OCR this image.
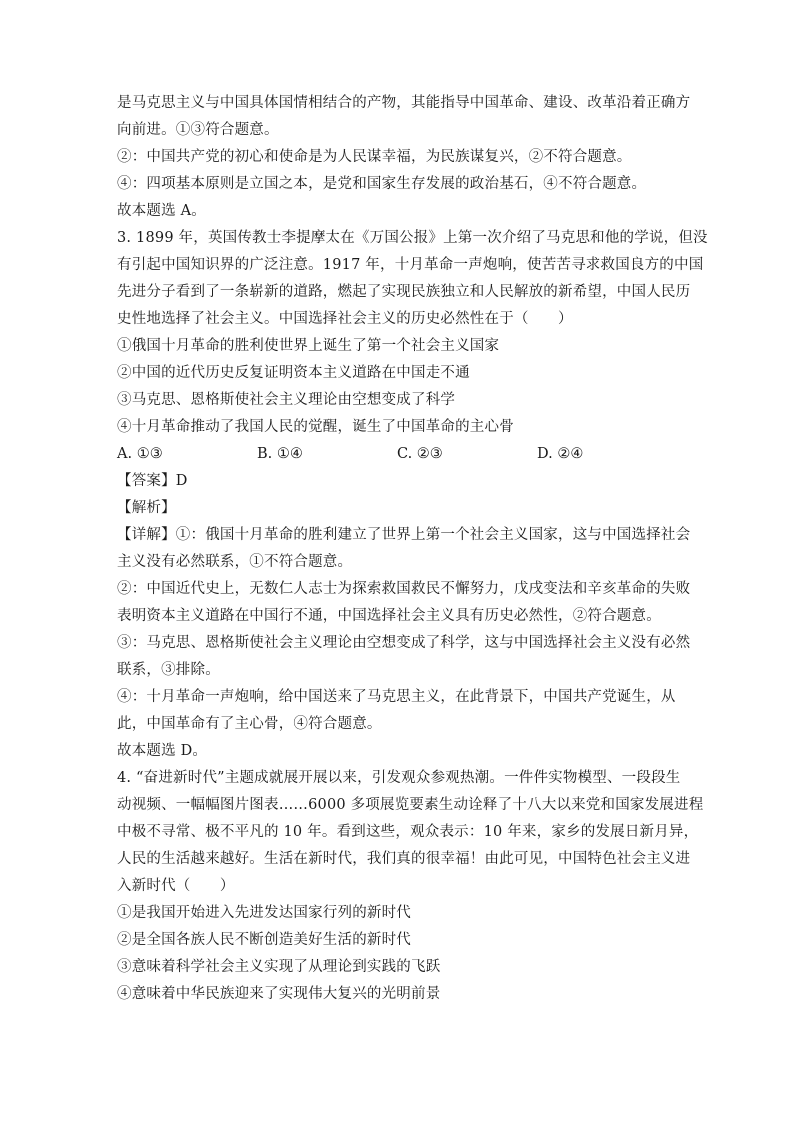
是马克思主义与中国具体国情相结合的产物，其能指导中国革命、建设、改革沿着正确方
向前进。①③符合题意。
②：中国共产党的初心和使命是为人民谋幸福，为民族谋复兴，②不符合题意。
④：四项基本原则是立国之本，是党和国家生存发展的政治基石，④不符合题意。
故本题选 A。
3. 1899 年，英国传教士李提摩太在《万国公报》上第一次介绍了马克思和他的学说，但没
有引起中国知识界的广泛注意。1917 年，十月革命一声炮响，使苦苦寻求救国良方的中国
先进分子看到了一条崭新的道路，燃起了实现民族独立和人民解放的新希望，中国人民历
史性地选择了社会主义。中国选择社会主义的历史必然性在于（　　）
①俄国十月革命的胜利使世界上诞生了第一个社会主义国家
②中国的近代历史反复证明资本主义道路在中国走不通
③马克思、恩格斯使社会主义理论由空想变成了科学
④十月革命推动了我国人民的觉醒，诞生了中国革命的主心骨
A. ①③	B. ①④	C. ②③	D. ②④
【答案】D
【解析】
【详解】①：俄国十月革命的胜利建立了世界上第一个社会主义国家，这与中国选择社会
主义没有必然联系，①不符合题意。
②：中国近代史上，无数仁人志士为探索救国救民不懈努力，戊戌变法和辛亥革命的失败
表明资本主义道路在中国行不通，中国选择社会主义具有历史必然性，②符合题意。
③：马克思、恩格斯使社会主义理论由空想变成了科学，这与中国选择社会主义没有必然
联系，③排除。
④：十月革命一声炮响，给中国送来了马克思主义，在此背景下，中国共产党诞生，从
此，中国革命有了主心骨，④符合题意。
故本题选 D。
4. “奋进新时代”主题成就展开展以来，引发观众参观热潮。一件件实物模型、一段段生
动视频、一幅幅图片图表……6000 多项展览要素生动诠释了十八大以来党和国家发展进程
中极不寻常、极不平凡的 10 年。看到这些，观众表示：10 年来，家乡的发展日新月异，
人民的生活越来越好。生活在新时代，我们真的很幸福！由此可见，中国特色社会主义进
入新时代（　　）
①是我国开始进入先进发达国家行列的新时代
②是全国各族人民不断创造美好生活的新时代
③意味着科学社会主义实现了从理论到实践的飞跃
④意味着中华民族迎来了实现伟大复兴的光明前景
